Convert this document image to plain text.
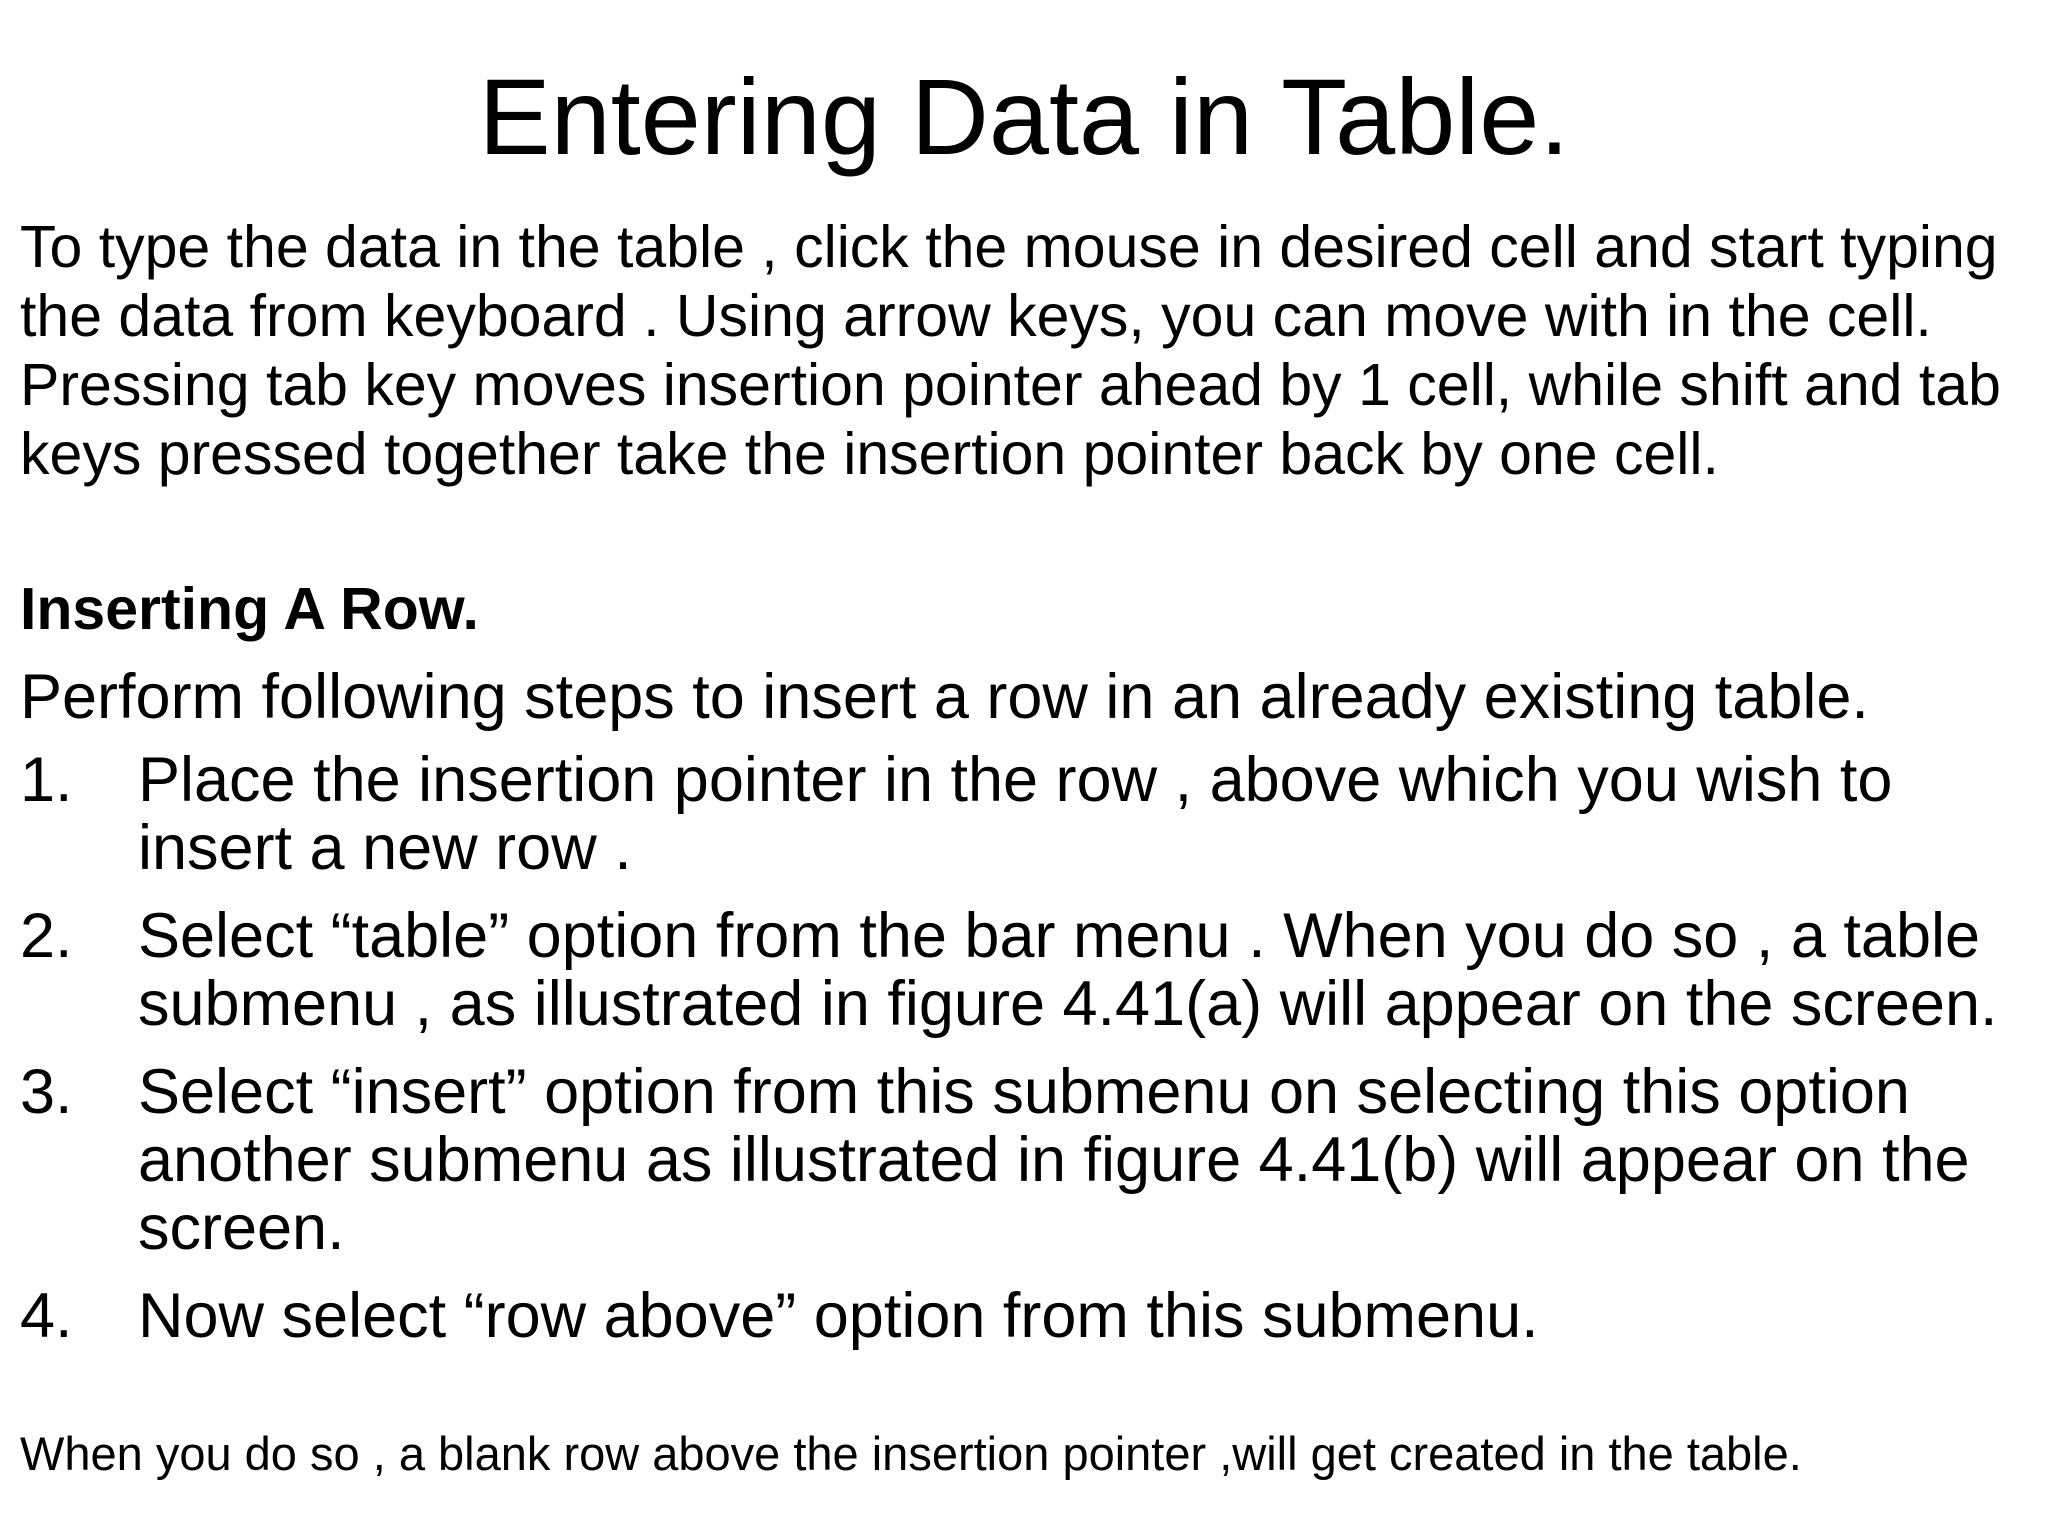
Entering Data in Table.

To type the data in the table , click the mouse in desired cell and start typing the data from keyboard . Using arrow keys, you can move with in the cell. Pressing tab key moves insertion pointer ahead by 1 cell, while shift and tab keys pressed together take the insertion pointer back by one cell.

Inserting A Row.

Perform following steps to insert a row in an already existing table.

1. Place the insertion pointer in the row , above which you wish to insert a new row .
2. Select “table” option from the bar menu . When you do so , a table submenu , as illustrated in figure 4.41(a) will appear on the screen.
3. Select “insert” option from this submenu on selecting this option another submenu as illustrated in figure 4.41(b) will appear on the screen.
4. Now select “row above” option from this submenu.

When you do so , a blank row above the insertion pointer ,will get created in the table.
